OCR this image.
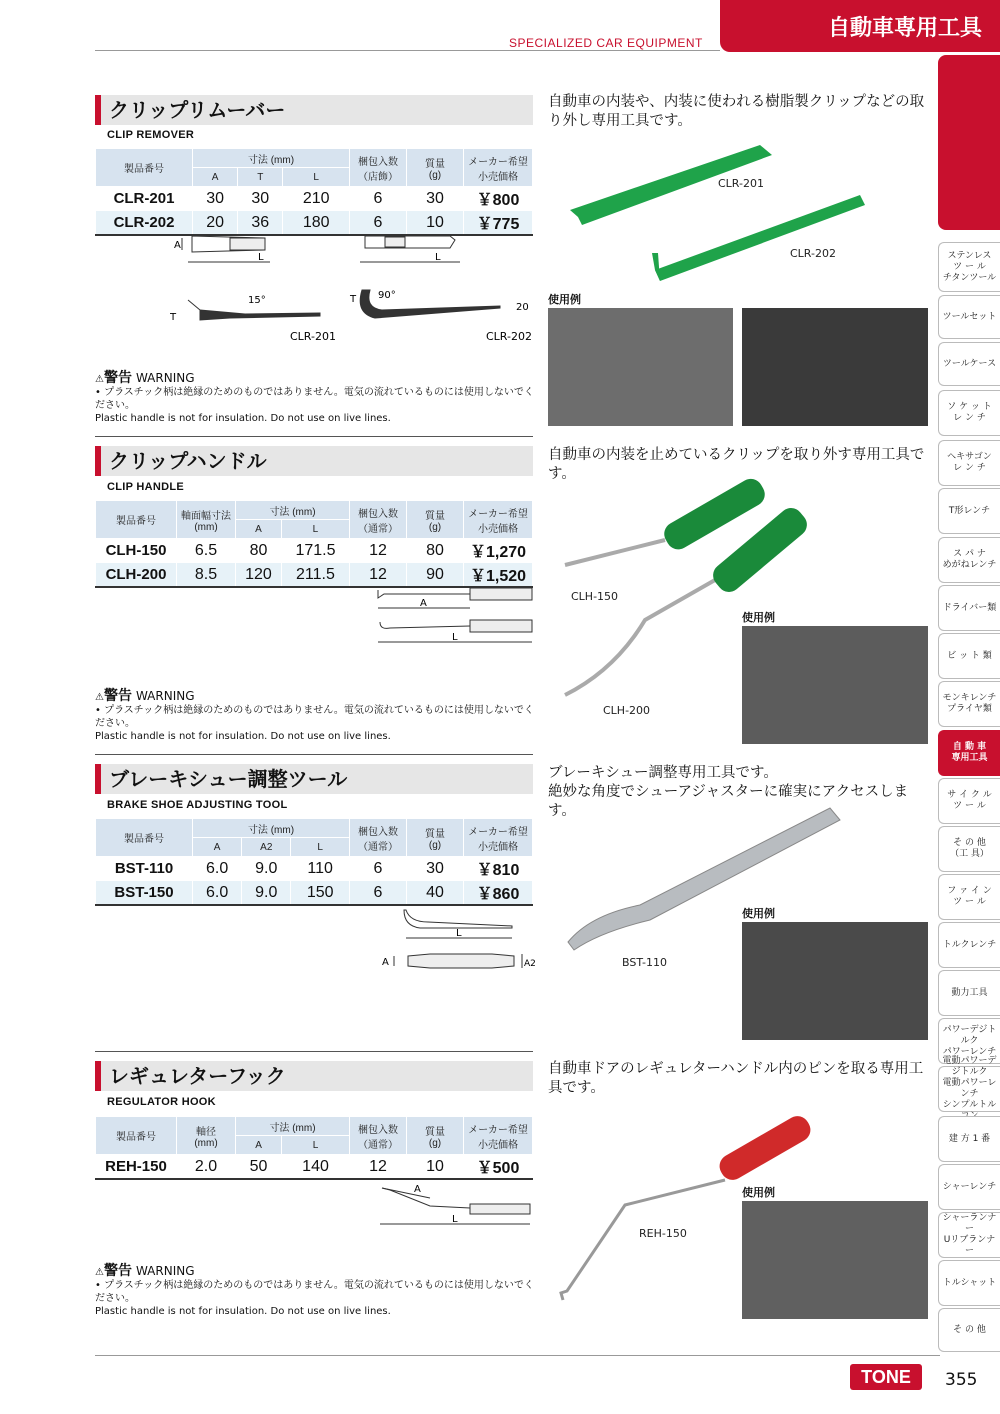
SPECIALIZED CAR EQUIPMENT
自動車専用工具
ステンレス
ツ ー ル
チタンツール
ツールセット
ツールケース
ソ ケ ッ ト
レ ン チ
ヘキサゴン
レ ン チ
T形レンチ
ス パ ナ
めがねレンチ
ドライバー類
ビ ッ ト 類
モンキレンチ
プライヤ類
自 動 車
専用工具
サ イ ク ル
ツ ー ル
そ の 他
（工 具）
フ ァ イ ン
ツ ー ル
トルクレンチ
動力工具
パワーデジトルク
パワーレンチ
ジトルク
電動パワーレンチ
シンプルトル
建 方 1 番
シャーレンチ
シャーランナー
Uリブランナー
トルシャット
そ の 他
クリップリムーバー
CLIP REMOVER
自動車の内装や、内装に使われる樹脂製クリップなどの取り外し専用工具です。
製品番号	寸法 (mm)			梱包入数
（店飾）	質量
(g)	メーカー希望
小売価格
	A	T	L			
CLR-201	30	30	210	6	30	￥800
CLR-202	20	36	180	6	10	￥775
A
L	L
T
T
15°	90°
20
CLR-201	CLR-202
⚠警告 WARNING
• プラスチック柄は絶縁のためのものではありません。電気の流れているものには使用しないでください。
Plastic handle is not for insulation. Do not use on live lines.
CLR-201
CLR-202
使用例
クリップハンドル
CLIP HANDLE
自動車の内装を止めているクリップを取り外す専用工具です。
製品番号	軸面幅寸法
(mm)	寸法 (mm)		梱包入数
（通常）	質量
(g)	メーカー希望
小売価格
		A	L			
CLH-150	6.5	80	171.5	12	80	￥1,270
CLH-200	8.5	120	211.5	12	90	￥1,520
A
L
⚠警告 WARNING
• プラスチック柄は絶縁のためのものではありません。電気の流れているものには使用しないでください。
Plastic handle is not for insulation. Do not use on live lines.
CLH-150
CLH-200
使用例
ブレーキシュー調整ツール
BRAKE SHOE ADJUSTING TOOL
ブレーキシュー調整専用工具です。
絶妙な角度でシューアジャスターに確実にアクセスします。
製品番号	寸法 (mm)			梱包入数
（通常）	質量
(g)	メーカー希望
小売価格
	A	A2	L			
BST-110	6.0	9.0	110	6	30	￥810
BST-150	6.0	9.0	150	6	40	￥860
L
A	A2	BST-110
使用例
レギュレターフック
REGULATOR HOOK
自動車ドアのレギュレターハンドル内のピンを取る専用工具です。
製品番号	軸径
(mm)	寸法 (mm)		梱包入数
（通常）	質量
(g)	メーカー希望
小売価格
		A	L			
REH-150	2.0	50	140	12	10	￥500
A
L
⚠警告 WARNING
• プラスチック柄は絶縁のためのものではありません。電気の流れているものには使用しないでください。
Plastic handle is not for insulation. Do not use on live lines.
REH-150
使用例
TONE	355
